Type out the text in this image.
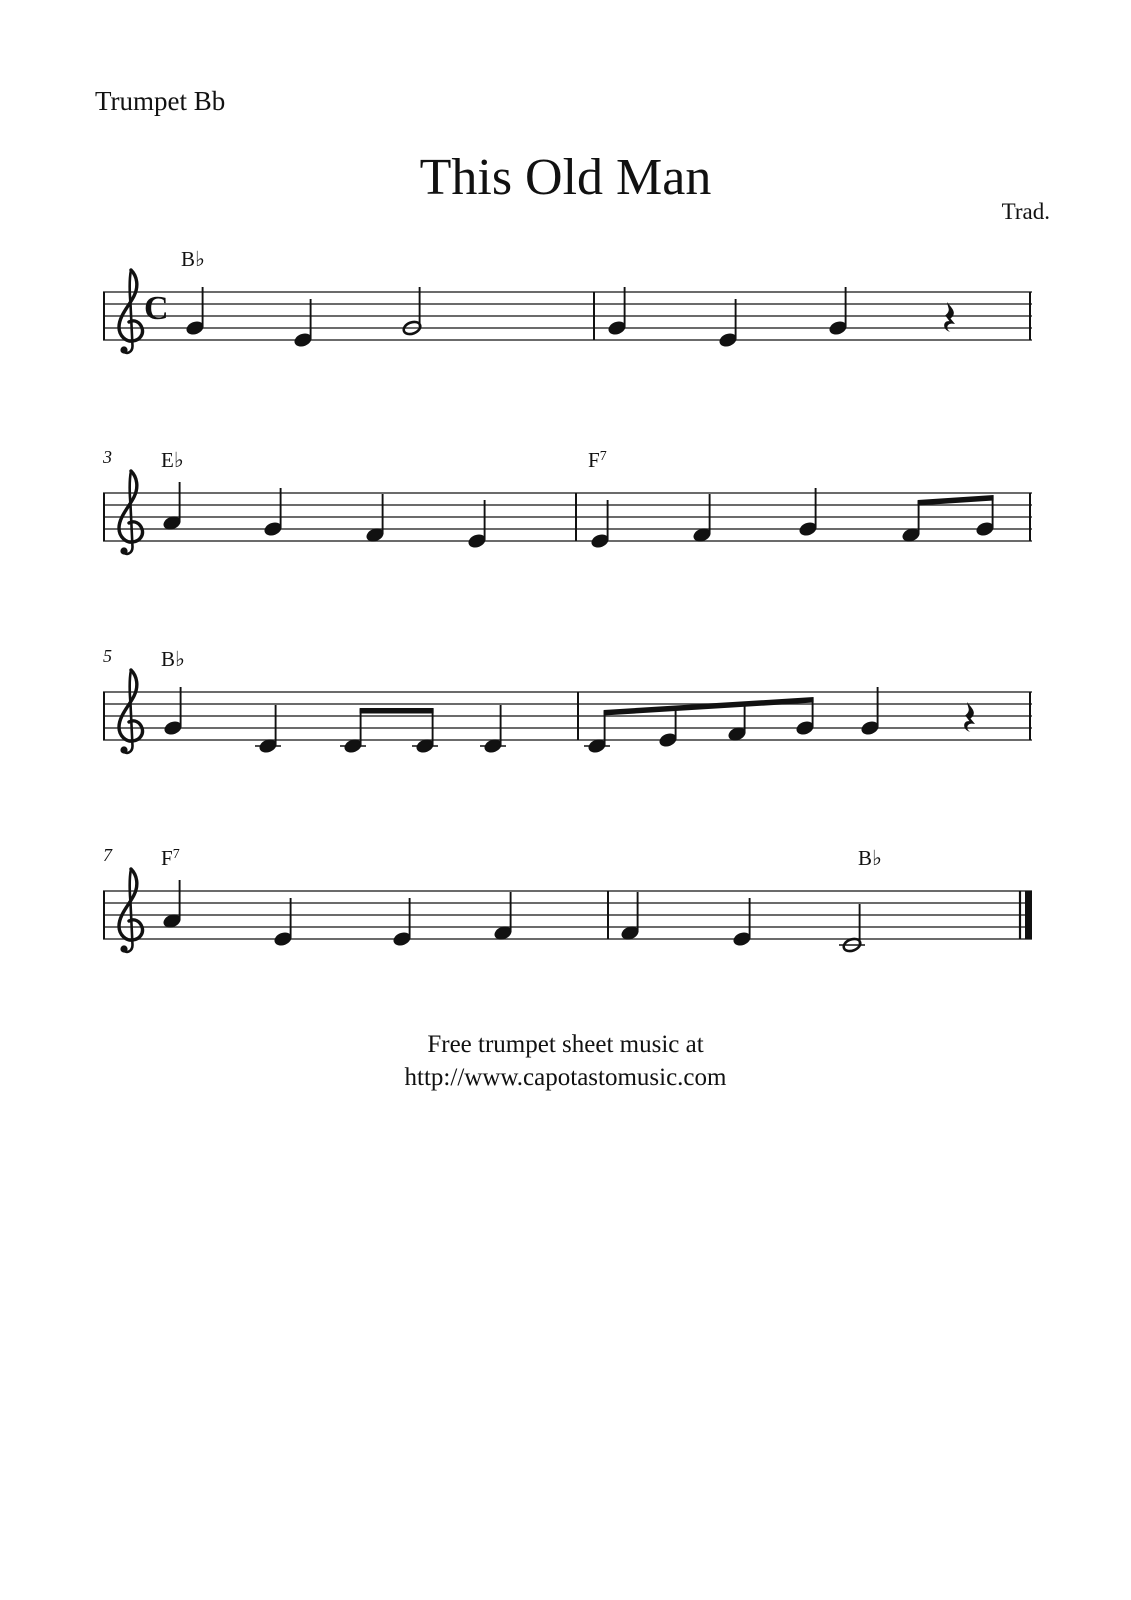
Trumpet Bb
This Old Man
Trad.
C
B♭
3 E♭	$F^7$
5 B♭
7 $F^7$	B♭
Free trumpet sheet music at
http://www.capotastomusic.com
